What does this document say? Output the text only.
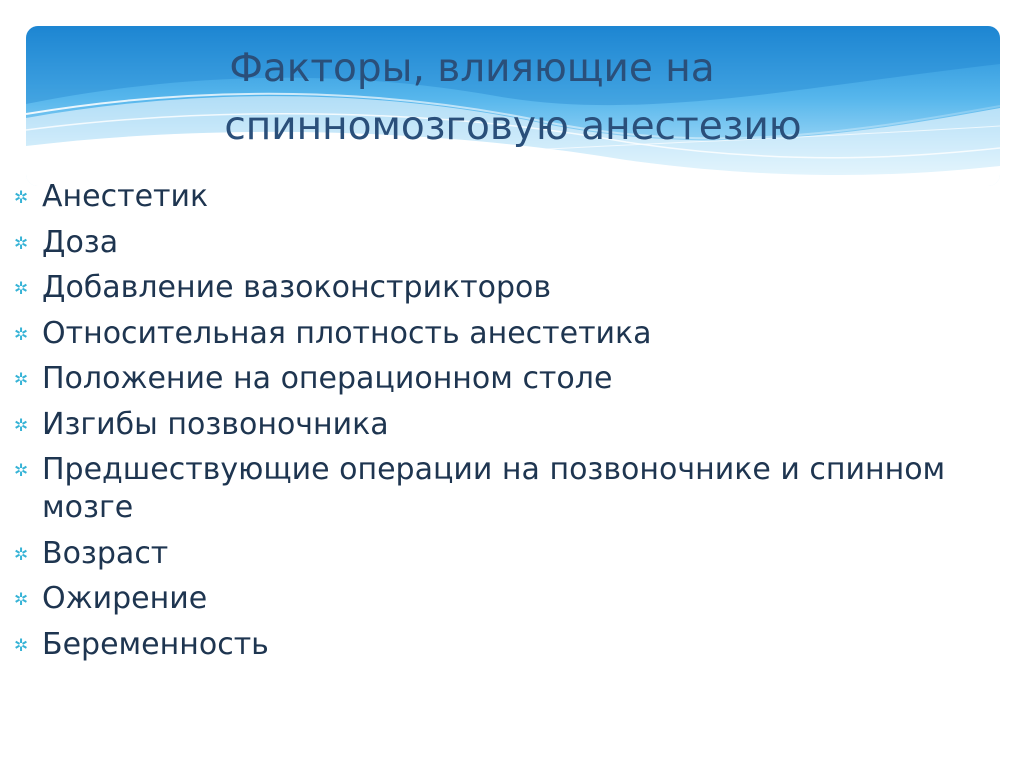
Факторы, влияющие на
спинномозговую анестезию
✲ Анестетик
✲ Доза
✲ Добавление вазоконстрикторов
✲ Относительная плотность анестетика
✲ Положение на операционном столе
✲ Изгибы позвоночника
✲ Предшествующие операции на позвоночнике и спинном мозге
✲ Возраст
✲ Ожирение
✲ Беременность
